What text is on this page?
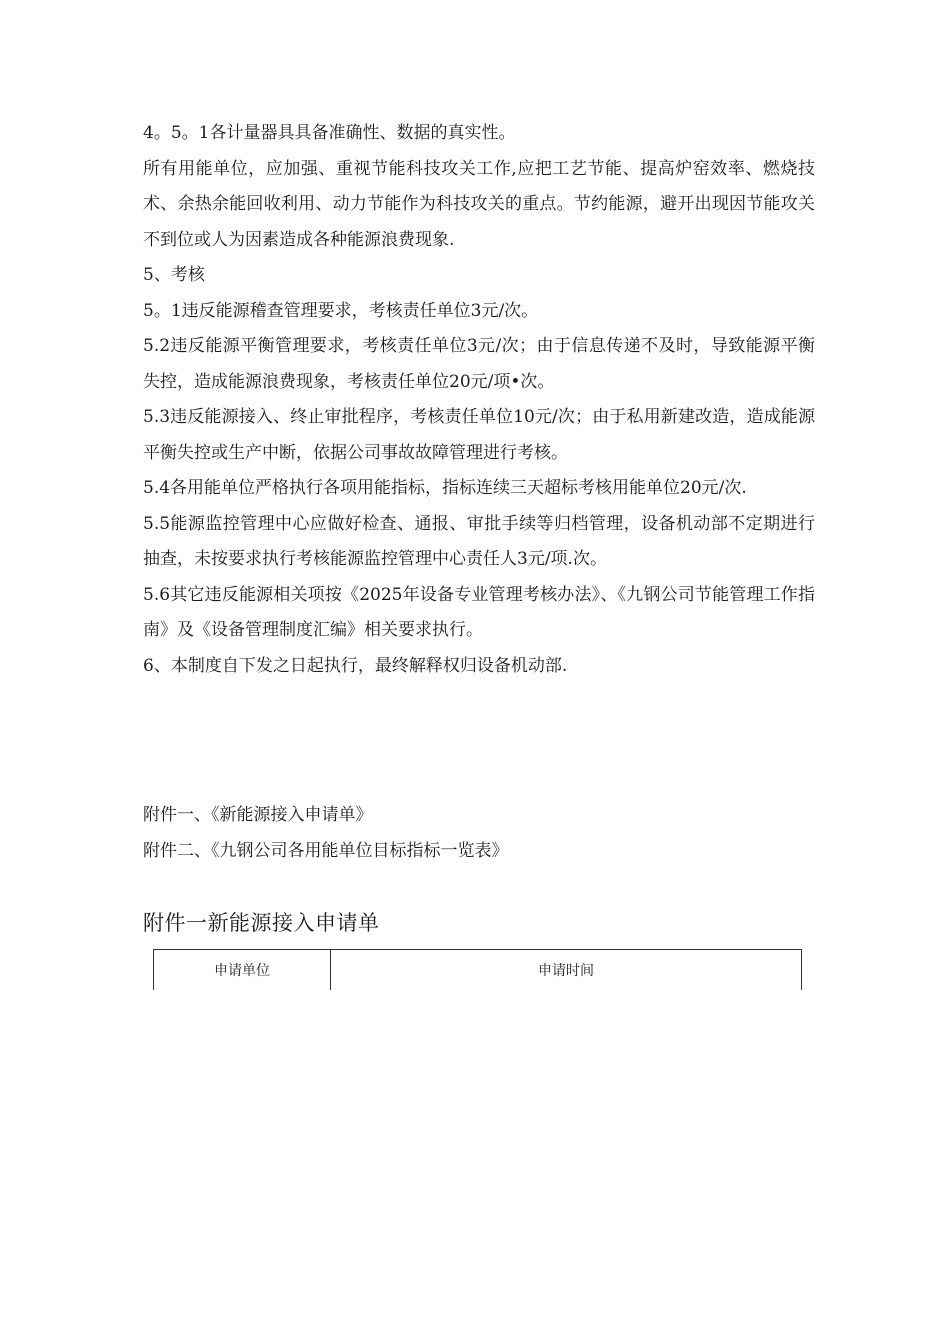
4。5。1各计量器具具备准确性、数据的真实性。

所有用能单位，应加强、重视节能科技攻关工作,应把工艺节能、提高炉窑效率、燃烧技术、余热余能回收利用、动力节能作为科技攻关的重点。节约能源，避开出现因节能攻关不到位或人为因素造成各种能源浪费现象.

5、考核

5。1违反能源稽查管理要求，考核责任单位3元/次。

5.2违反能源平衡管理要求，考核责任单位3元/次；由于信息传递不及时，导致能源平衡失控，造成能源浪费现象，考核责任单位20元/项•次。

5.3违反能源接入、终止审批程序，考核责任单位10元/次；由于私用新建改造，造成能源平衡失控或生产中断，依据公司事故故障管理进行考核。

5.4各用能单位严格执行各项用能指标，指标连续三天超标考核用能单位20元/次.

5.5能源监控管理中心应做好检查、通报、审批手续等归档管理，设备机动部不定期进行抽查，未按要求执行考核能源监控管理中心责任人3元/项.次。

5.6其它违反能源相关项按《2025年设备专业管理考核办法》、《九钢公司节能管理工作指南》及《设备管理制度汇编》相关要求执行。

6、本制度自下发之日起执行，最终解释权归设备机动部.

附件一、《新能源接入申请单》

附件二、《九钢公司各用能单位目标指标一览表》

附件一新能源接入申请单
申请单位	申请时间
